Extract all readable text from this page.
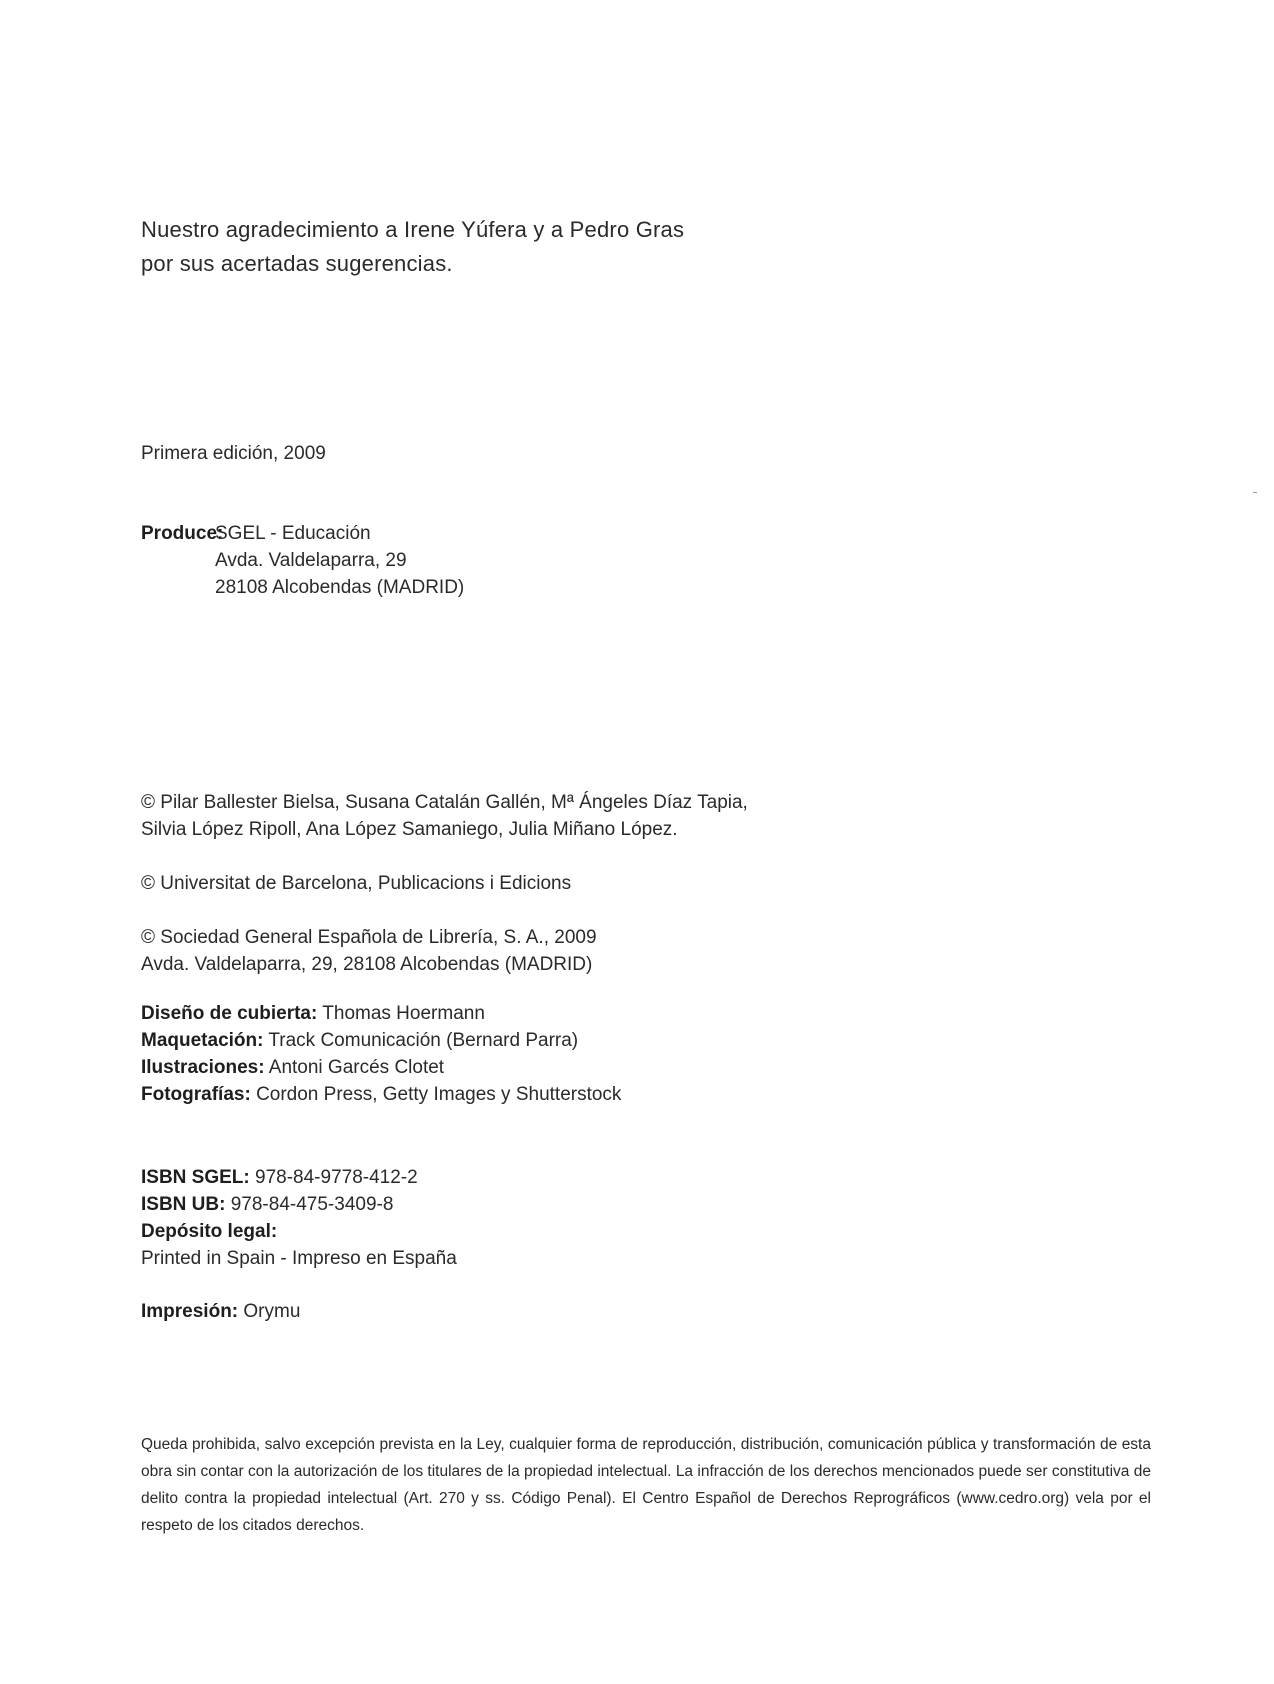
Nuestro agradecimiento a Irene Yúfera y a Pedro Gras
por sus acertadas sugerencias.
Primera edición, 2009
Produce:
SGEL - Educación
Avda. Valdelaparra, 29
28108 Alcobendas (MADRID)

© Pilar Ballester Bielsa, Susana Catalán Gallén, Mª Ángeles Díaz Tapia,

Silvia López Ripoll, Ana López Samaniego, Julia Miñano López.

© Universitat de Barcelona, Publicacions i Edicions

© Sociedad General Española de Librería, S. A., 2009

Avda. Valdelaparra, 29, 28108 Alcobendas (MADRID)

Diseño de cubierta: Thomas Hoermann
Maquetación: Track Comunicación (Bernard Parra)
Ilustraciones: Antoni Garcés Clotet
Fotografías: Cordon Press, Getty Images y Shutterstock
ISBN SGEL: 978-84-9778-412-2
ISBN UB: 978-84-475-3409-8
Depósito legal:
Printed in Spain - Impreso en España
Impresión: Orymu
Queda prohibida, salvo excepción prevista en la Ley, cualquier forma de reproducción, distribución, comunicación pública y transformación de esta obra sin contar con la autorización de los titulares de la propiedad intelectual. La infracción de los derechos mencionados puede ser constitutiva de delito contra la propiedad intelectual (Art. 270 y ss. Código Penal). El Centro Español de Derechos Reprográficos (www.cedro.org) vela por el respeto de los citados derechos.
